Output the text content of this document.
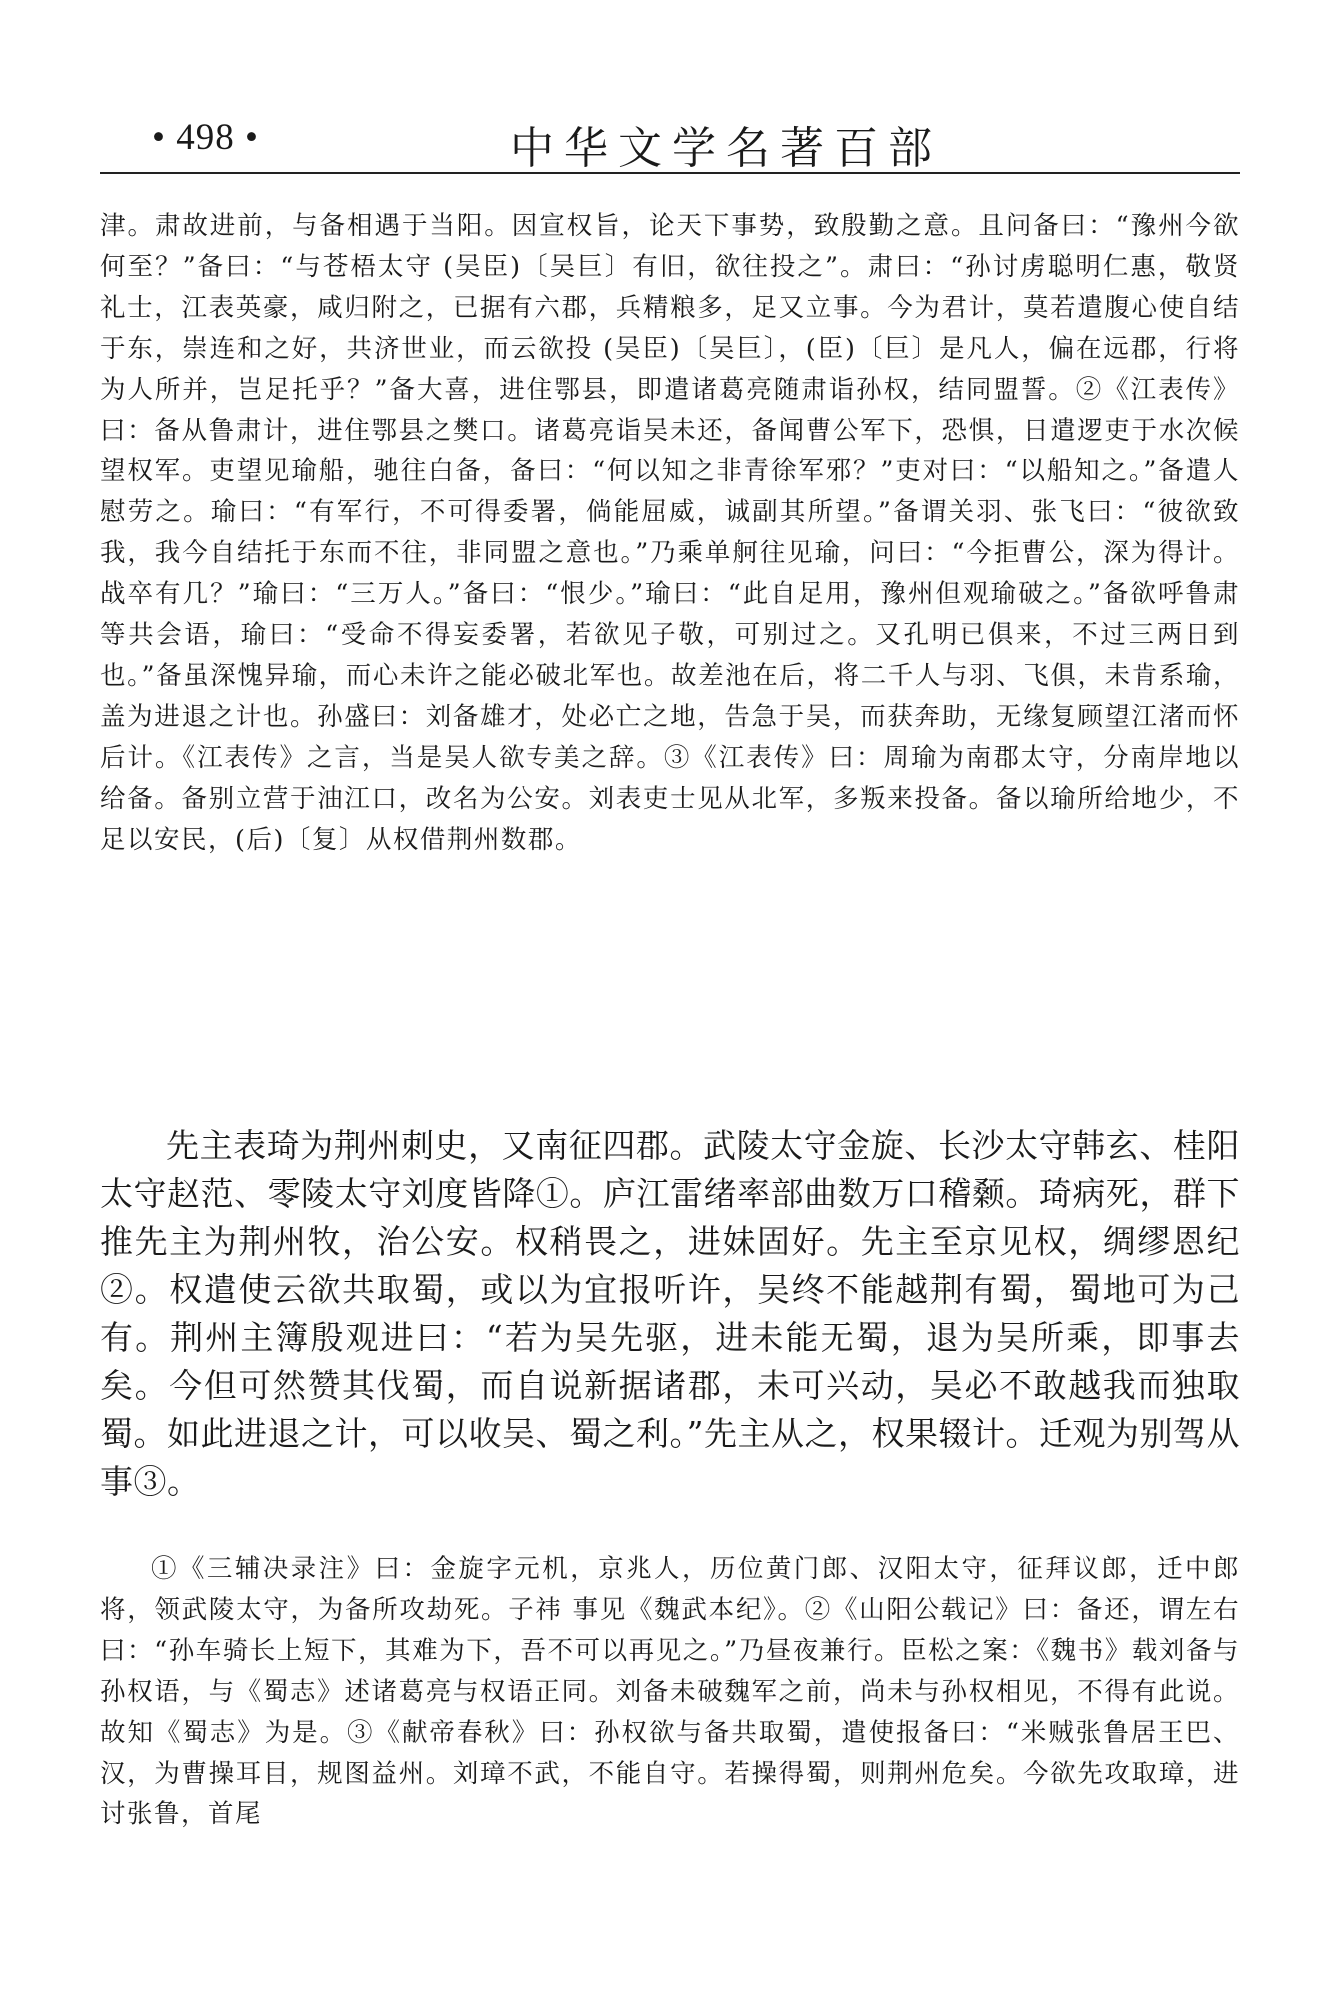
• 498 •	中华文学名著百部

津。肃故进前，与备相遇于当阳。因宣权旨，论天下事势，致殷勤之意。且问备曰：“豫州今欲何至？”备曰：“与苍梧太守 (吴臣)〔吴巨〕有旧，欲往投之”。肃曰：“孙讨虏聪明仁惠，敬贤礼士，江表英豪，咸归附之，已据有六郡，兵精粮多，足又立事。今为君计，莫若遣腹心使自结于东，崇连和之好，共济世业，而云欲投 (吴臣)〔吴巨〕，(臣)〔巨〕是凡人，偏在远郡，行将为人所并，岂足托乎？”备大喜，进住鄂县，即遣诸葛亮随肃诣孙权，结同盟誓。②《江表传》曰：备从鲁肃计，进住鄂县之樊口。诸葛亮诣吴未还，备闻曹公军下，恐惧，日遣逻吏于水次候望权军。吏望见瑜船，驰往白备，备曰：“何以知之非青徐军邪？”吏对曰：“以船知之。”备遣人慰劳之。瑜曰：“有军行，不可得委署，倘能屈威，诚副其所望。”备谓关羽、张飞曰：“彼欲致我，我今自结托于东而不往，非同盟之意也。”乃乘单舸往见瑜，问曰：“今拒曹公，深为得计。战卒有几？”瑜曰：“三万人。”备曰：“恨少。”瑜曰：“此自足用，豫州但观瑜破之。”备欲呼鲁肃等共会语，瑜曰：“受命不得妄委署，若欲见子敬，可别过之。又孔明已俱来，不过三两日到也。”备虽深愧异瑜，而心未许之能必破北军也。故差池在后，将二千人与羽、飞俱，未肯系瑜，盖为进退之计也。孙盛曰：刘备雄才，处必亡之地，告急于吴，而获奔助，无缘复顾望江渚而怀后计。《江表传》之言，当是吴人欲专美之辞。③《江表传》曰：周瑜为南郡太守，分南岸地以给备。备别立营于油江口，改名为公安。刘表吏士见从北军，多叛来投备。备以瑜所给地少，不足以安民，(后)〔复〕从权借荆州数郡。

先主表琦为荆州刺史，又南征四郡。武陵太守金旋、长沙太守韩玄、桂阳太守赵范、零陵太守刘度皆降①。庐江雷绪率部曲数万口稽颡。琦病死，群下推先主为荆州牧，治公安。权稍畏之，进妹固好。先主至京见权，绸缪恩纪②。权遣使云欲共取蜀，或以为宜报听许，吴终不能越荆有蜀，蜀地可为己有。荆州主簿殷观进曰：“若为吴先驱，进未能无蜀，退为吴所乘，即事去矣。今但可然赞其伐蜀，而自说新据诸郡，未可兴动，吴必不敢越我而独取蜀。如此进退之计，可以收吴、蜀之利。”先主从之，权果辍计。迁观为别驾从事③。

①《三辅决录注》曰：金旋字元机，京兆人，历位黄门郎、汉阳太守，征拜议郎，迁中郎将，领武陵太守，为备所攻劫死。子祎 事见《魏武本纪》。②《山阳公载记》曰：备还，谓左右曰：“孙车骑长上短下，其难为下，吾不可以再见之。”乃昼夜兼行。臣松之案：《魏书》载刘备与孙权语，与《蜀志》述诸葛亮与权语正同。刘备未破魏军之前，尚未与孙权相见，不得有此说。故知《蜀志》为是。③《献帝春秋》曰：孙权欲与备共取蜀，遣使报备曰：“米贼张鲁居王巴、汉，为曹操耳目，规图益州。刘璋不武，不能自守。若操得蜀，则荆州危矣。今欲先攻取璋，进讨张鲁，首尾
